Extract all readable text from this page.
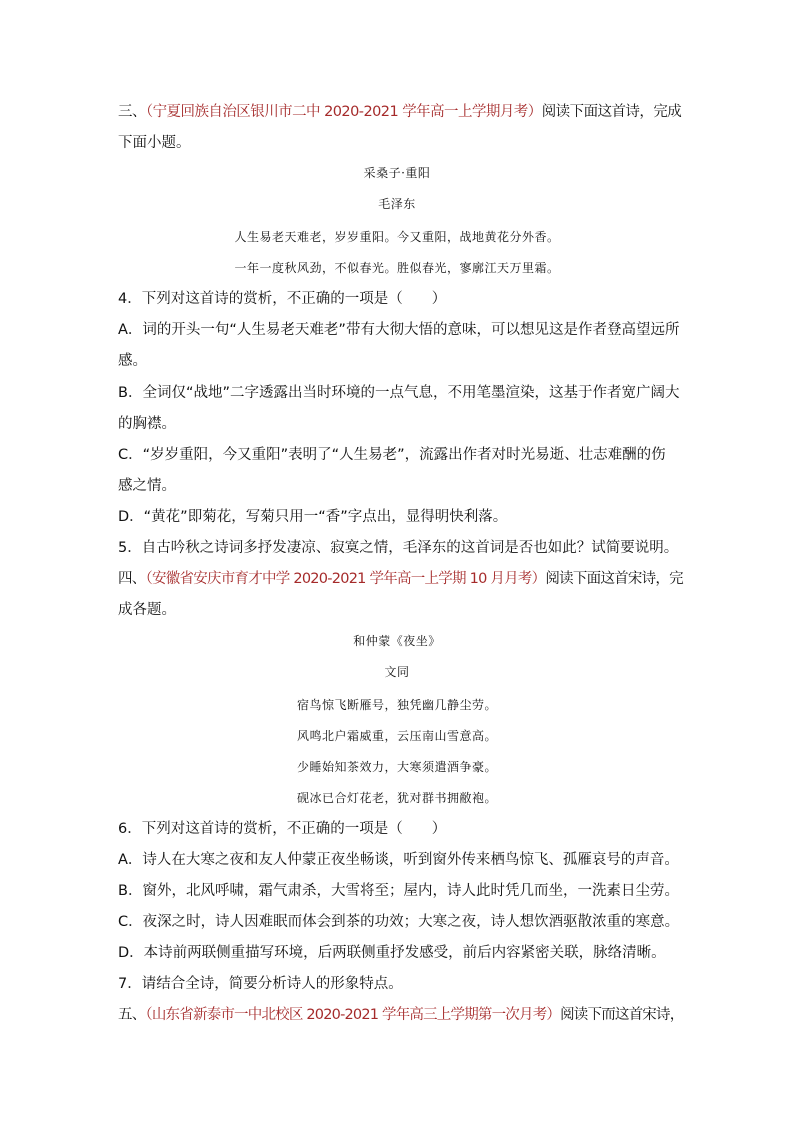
三、（宁夏回族自治区银川市二中 2020-2021 学年高一上学期月考）阅读下面这首诗，完成
下面小题。
采桑子·重阳
毛泽东
人生易老天难老，岁岁重阳。今又重阳，战地黄花分外香。
一年一度秋风劲，不似春光。胜似春光，寥廓江天万里霜。
4．下列对这首诗的赏析，不正确的一项是（　　）
A．词的开头一句“人生易老天难老”带有大彻大悟的意味，可以想见这是作者登高望远所
感。
B．全词仅“战地”二字透露出当时环境的一点气息，不用笔墨渲染，这基于作者宽广阔大
的胸襟。
C．“岁岁重阳，今又重阳”表明了“人生易老”，流露出作者对时光易逝、壮志难酬的伤
感之情。
D．“黄花”即菊花，写菊只用一“香”字点出，显得明快利落。
5．自古吟秋之诗词多抒发凄凉、寂寞之情，毛泽东的这首词是否也如此？试简要说明。
四、（安徽省安庆市育才中学 2020-2021 学年高一上学期 10 月月考）阅读下面这首宋诗，完
成各题。
和仲蒙《夜坐》
文同
宿鸟惊飞断雁号，独凭幽几静尘劳。
风鸣北户霜威重，云压南山雪意高。
少睡始知茶效力，大寒须遣酒争豪。
砚冰已合灯花老，犹对群书拥敝袍。
6．下列对这首诗的赏析，不正确的一项是（　　）
A．诗人在大寒之夜和友人仲蒙正夜坐畅谈，听到窗外传来栖鸟惊飞、孤雁哀号的声音。
B．窗外，北风呼啸，霜气肃杀，大雪将至；屋内，诗人此时凭几而坐，一洗素日尘劳。
C．夜深之时，诗人因难眠而体会到茶的功效；大寒之夜，诗人想饮酒驱散浓重的寒意。
D．本诗前两联侧重描写环境，后两联侧重抒发感受，前后内容紧密关联，脉络清晰。
7．请结合全诗，简要分析诗人的形象特点。
五、（山东省新泰市一中北校区 2020-2021 学年高三上学期第一次月考）阅读下而这首宋诗，
